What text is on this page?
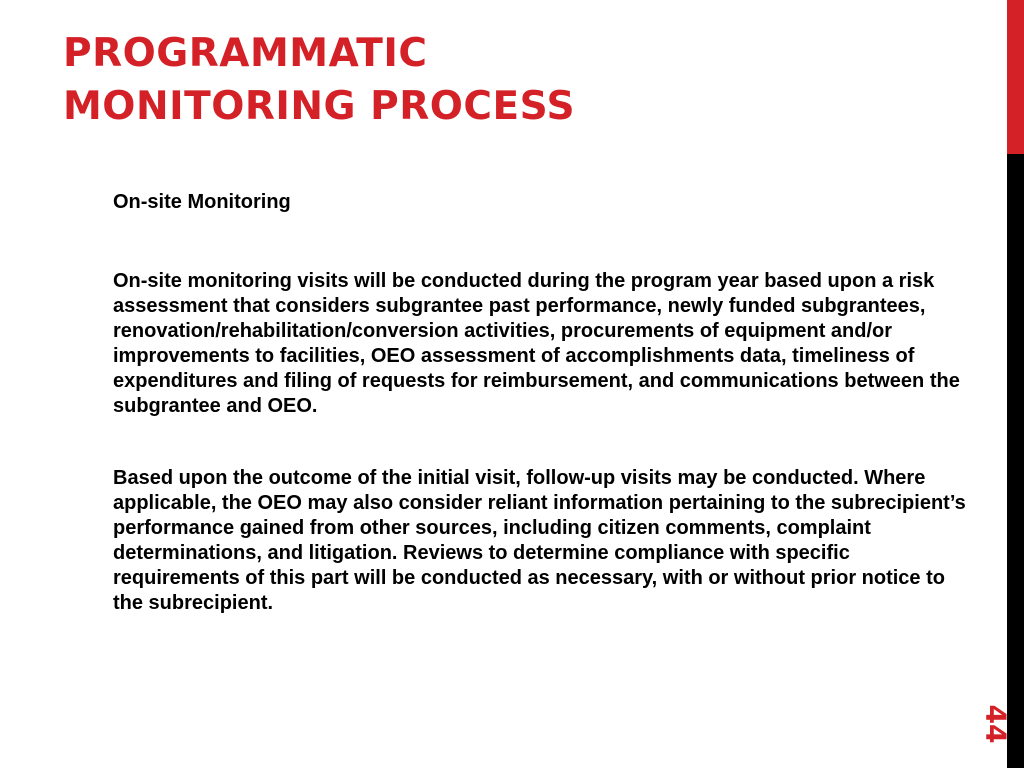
PROGRAMMATIC
MONITORING PROCESS

On-site Monitoring

On-site monitoring visits will be conducted during the program year based upon a risk assessment that considers subgrantee past performance, newly funded subgrantees, renovation/rehabilitation/conversion activities, procurements of equipment and/or improvements to facilities, OEO assessment of accomplishments data, timeliness of expenditures and filing of requests for reimbursement, and communications between the subgrantee and OEO.

Based upon the outcome of the initial visit, follow-up visits may be conducted. Where applicable, the OEO may also consider reliant information pertaining to the subrecipient’s performance gained from other sources, including citizen comments, complaint determinations, and litigation. Reviews to determine compliance with specific requirements of this part will be conducted as necessary, with or without prior notice to the subrecipient.

44
